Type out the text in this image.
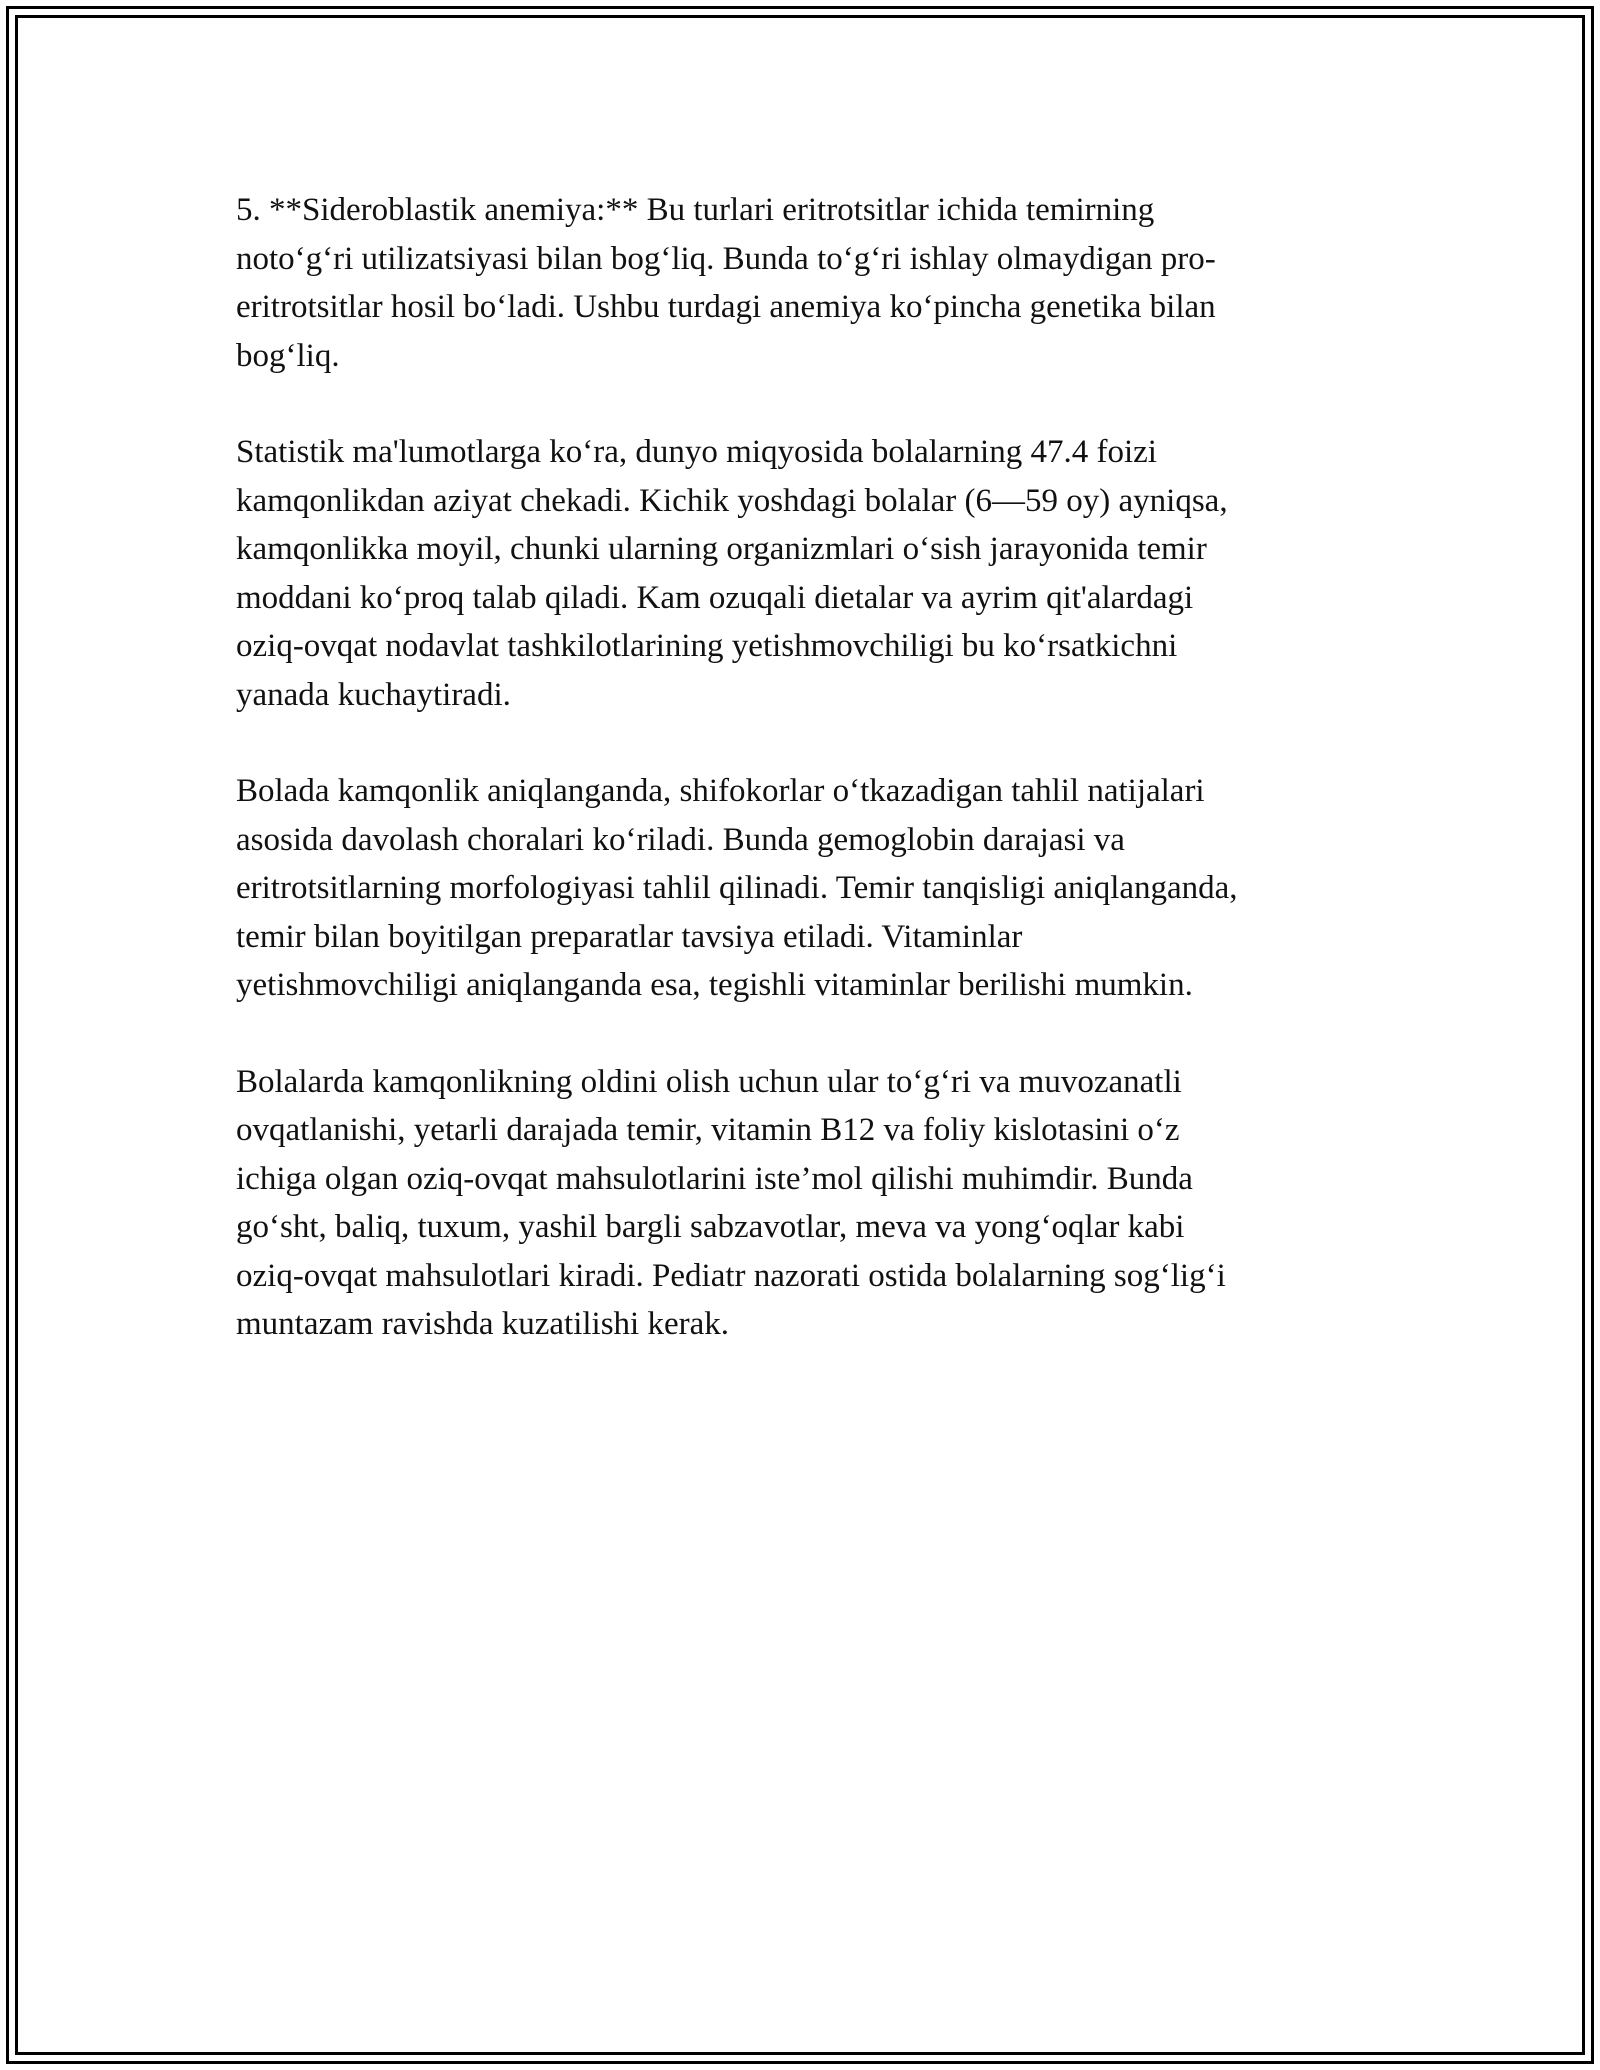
5. **Sideroblastik anemiya:** Bu turlari eritrotsitlar ichida temirning
noto‘g‘ri utilizatsiyasi bilan bog‘liq. Bunda to‘g‘ri ishlay olmaydigan pro-
eritrotsitlar hosil bo‘ladi. Ushbu turdagi anemiya ko‘pincha genetika bilan
bog‘liq.

Statistik ma'lumotlarga ko‘ra, dunyo miqyosida bolalarning 47.4 foizi
kamqonlikdan aziyat chekadi. Kichik yoshdagi bolalar (6—59 oy) ayniqsa,
kamqonlikka moyil, chunki ularning organizmlari o‘sish jarayonida temir
moddani ko‘proq talab qiladi. Kam ozuqali dietalar va ayrim qit'alardagi
oziq-ovqat nodavlat tashkilotlarining yetishmovchiligi bu ko‘rsatkichni
yanada kuchaytiradi.

Bolada kamqonlik aniqlanganda, shifokorlar o‘tkazadigan tahlil natijalari
asosida davolash choralari ko‘riladi. Bunda gemoglobin darajasi va
eritrotsitlarning morfologiyasi tahlil qilinadi. Temir tanqisligi aniqlanganda,
temir bilan boyitilgan preparatlar tavsiya etiladi. Vitaminlar
yetishmovchiligi aniqlanganda esa, tegishli vitaminlar berilishi mumkin.

Bolalarda kamqonlikning oldini olish uchun ular to‘g‘ri va muvozanatli
ovqatlanishi, yetarli darajada temir, vitamin B12 va foliy kislotasini o‘z
ichiga olgan oziq-ovqat mahsulotlarini iste’mol qilishi muhimdir. Bunda
go‘sht, baliq, tuxum, yashil bargli sabzavotlar, meva va yong‘oqlar kabi
oziq-ovqat mahsulotlari kiradi. Pediatr nazorati ostida bolalarning sog‘lig‘i
muntazam ravishda kuzatilishi kerak.
